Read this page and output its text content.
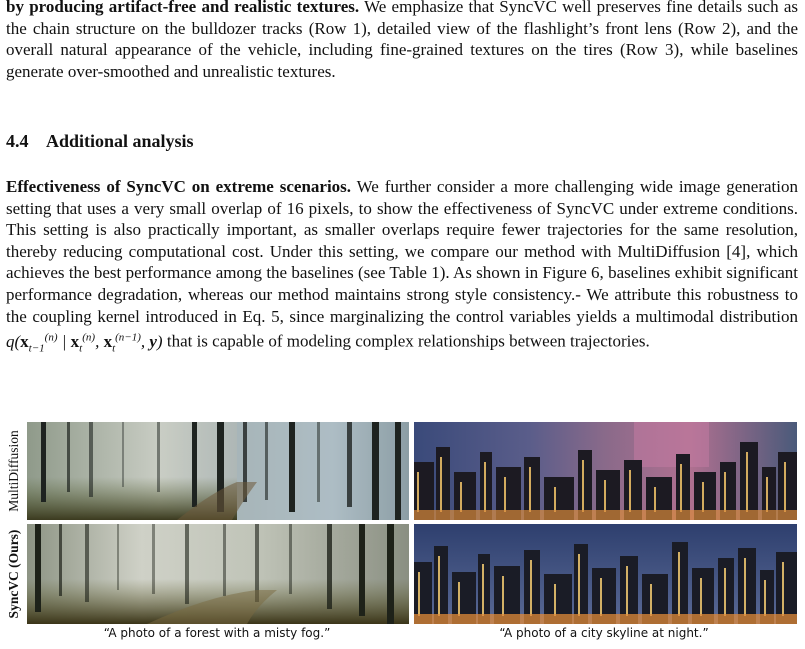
by producing artifact-free and realistic textures. We emphasize that SyncVC well preserves fine details such as the chain structure on the bulldozer tracks (Row 1), detailed view of the flashlight’s front lens (Row 2), and the overall natural appearance of the vehicle, including fine-grained textures on the tires (Row 3), while baselines generate over-smoothed and unrealistic textures.

4.4 Additional analysis

Effectiveness of SyncVC on extreme scenarios. We further consider a more challenging wide image generation setting that uses a very small overlap of 16 pixels, to show the effectiveness of SyncVC under extreme conditions. This setting is also practically important, as smaller overlaps require fewer trajectories for the same resolution, thereby reducing computational cost. Under this setting, we compare our method with MultiDiffusion [4], which achieves the best performance among the baselines (see Table 1). As shown in Figure 6, baselines exhibit significant performance degradation, whereas our method maintains strong style consistency.- We attribute this robustness to the coupling kernel introduced in Eq. 5, since marginalizing the control variables yields a multimodal distribution $q(x_{t-1}^{(n)}$ | $x_t^{(n)}$, $x_t^{(n-1)}$, y) that is capable of modeling complex relationships between trajectories.

MultiDiffusion
SyncVC (Ours)
“A photo of a forest with a misty fog.”	“A photo of a city skyline at night.”
